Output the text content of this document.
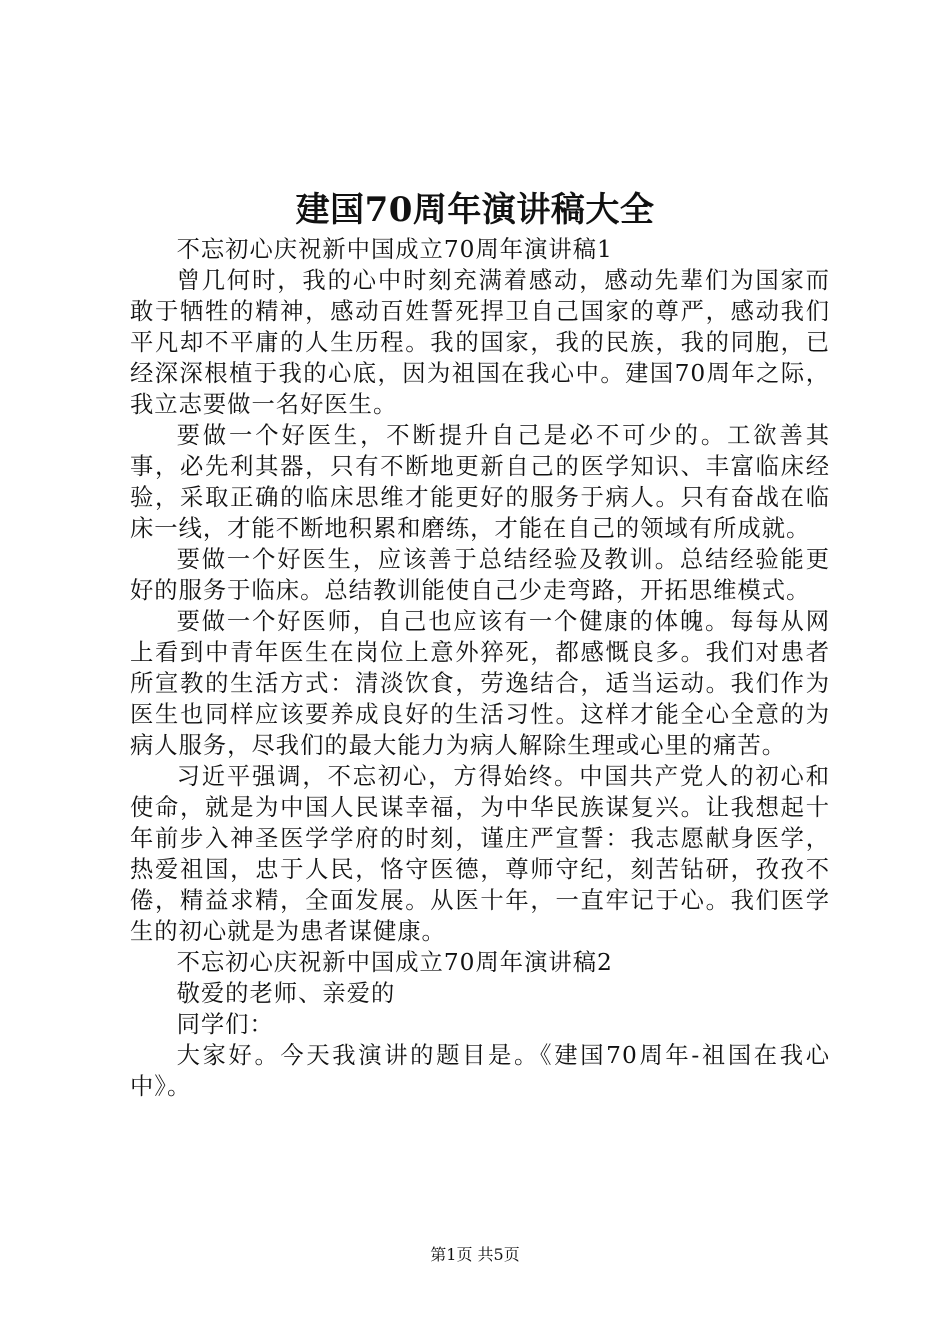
建国70周年演讲稿大全

不忘初心庆祝新中国成立70周年演讲稿1

曾几何时，我的心中时刻充满着感动，感动先辈们为国家而敢于牺牲的精神，感动百姓誓死捍卫自己国家的尊严，感动我们平凡却不平庸的人生历程。我的国家，我的民族，我的同胞，已经深深根植于我的心底，因为祖国在我心中。建国70周年之际，我立志要做一名好医生。

要做一个好医生，不断提升自己是必不可少的。工欲善其事，必先利其器，只有不断地更新自己的医学知识、丰富临床经验，采取正确的临床思维才能更好的服务于病人。只有奋战在临床一线，才能不断地积累和磨练，才能在自己的领域有所成就。

要做一个好医生，应该善于总结经验及教训。总结经验能更好的服务于临床。总结教训能使自己少走弯路，开拓思维模式。

要做一个好医师，自己也应该有一个健康的体魄。每每从网上看到中青年医生在岗位上意外猝死，都感慨良多。我们对患者所宣教的生活方式：清淡饮食，劳逸结合，适当运动。我们作为医生也同样应该要养成良好的生活习性。这样才能全心全意的为病人服务，尽我们的最大能力为病人解除生理或心里的痛苦。

习近平强调，不忘初心，方得始终。中国共产党人的初心和使命，就是为中国人民谋幸福，为中华民族谋复兴。让我想起十年前步入神圣医学学府的时刻，谨庄严宣誓：我志愿献身医学，热爱祖国，忠于人民，恪守医德，尊师守纪，刻苦钻研，孜孜不倦，精益求精，全面发展。从医十年，一直牢记于心。我们医学生的初心就是为患者谋健康。

不忘初心庆祝新中国成立70周年演讲稿2

敬爱的老师、亲爱的

同学们：

大家好。今天我演讲的题目是。《建国70周年-祖国在我心中》。

第1页 共5页
